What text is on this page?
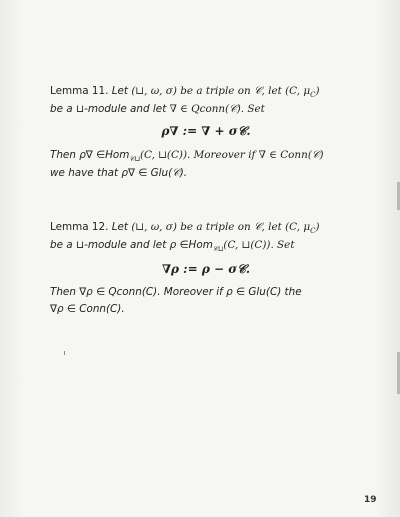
Lemma 11. Let (⊔, ω, σ) be a triple on 𝒞, let (C, $\mu_C$)
be a ⊔-module and let ∇ ∈ Qconn(𝒞). Set
ρ∇ := ∇ + σ𝒞.
Then ρ∇ ∈Hom$_{𝒞⊔}$(C, ⊔(C)). Moreover if ∇ ∈ Conn(𝒞)
we have that ρ∇ ∈ Glu(𝒞).
Lemma 12. Let (⊔, ω, σ) be a triple on 𝒞, let (C, $\mu_C$)
be a ⊔-module and let ρ ∈Hom$_{𝒞⊔}$(C, ⊔(C)). Set
∇ρ := ρ − σ𝒞.
Then ∇ρ ∈ Qconn(C). Moreover if ρ ∈ Glu(C) the
∇ρ ∈ Conn(C).
19
